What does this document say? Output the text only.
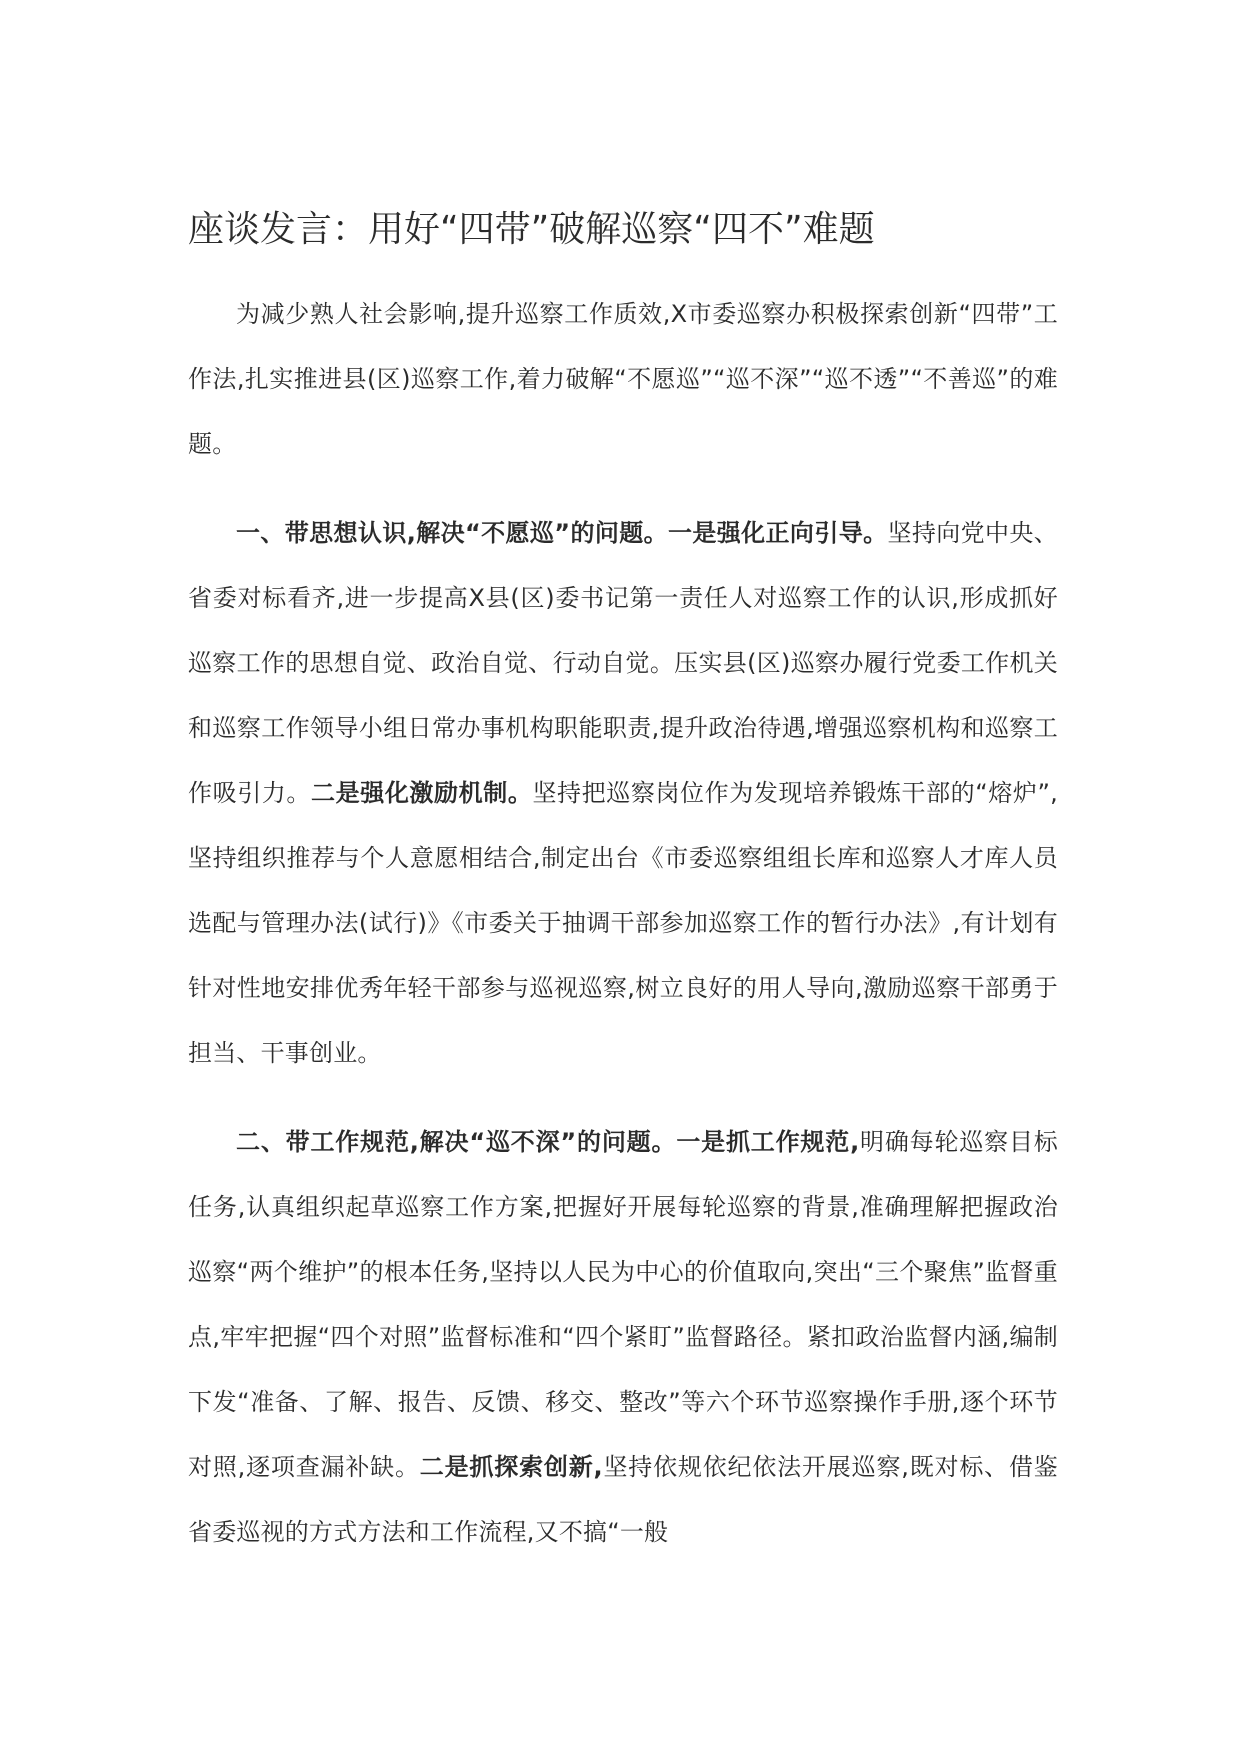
座谈发言：用好“四带”破解巡察“四不”难题

为减少熟人社会影响,提升巡察工作质效,X市委巡察办积极探索创新“四带”工作法,扎实推进县(区)巡察工作,着力破解“不愿巡”“巡不深”“巡不透”“不善巡”的难题。

一、带思想认识,解决“不愿巡”的问题。一是强化正向引导。坚持向党中央、省委对标看齐,进一步提高X县(区)委书记第一责任人对巡察工作的认识,形成抓好巡察工作的思想自觉、政治自觉、行动自觉。压实县(区)巡察办履行党委工作机关和巡察工作领导小组日常办事机构职能职责,提升政治待遇,增强巡察机构和巡察工作吸引力。二是强化激励机制。坚持把巡察岗位作为发现培养锻炼干部的“熔炉”,坚持组织推荐与个人意愿相结合,制定出台《市委巡察组组长库和巡察人才库人员选配与管理办法(试行)》《市委关于抽调干部参加巡察工作的暂行办法》,有计划有针对性地安排优秀年轻干部参与巡视巡察,树立良好的用人导向,激励巡察干部勇于担当、干事创业。

二、带工作规范,解决“巡不深”的问题。一是抓工作规范,明确每轮巡察目标任务,认真组织起草巡察工作方案,把握好开展每轮巡察的背景,准确理解把握政治巡察“两个维护”的根本任务,坚持以人民为中心的价值取向,突出“三个聚焦”监督重点,牢牢把握“四个对照”监督标准和“四个紧盯”监督路径。紧扣政治监督内涵,编制下发“准备、了解、报告、反馈、移交、整改”等六个环节巡察操作手册,逐个环节对照,逐项查漏补缺。二是抓探索创新,坚持依规依纪依法开展巡察,既对标、借鉴省委巡视的方式方法和工作流程,又不搞“一般
